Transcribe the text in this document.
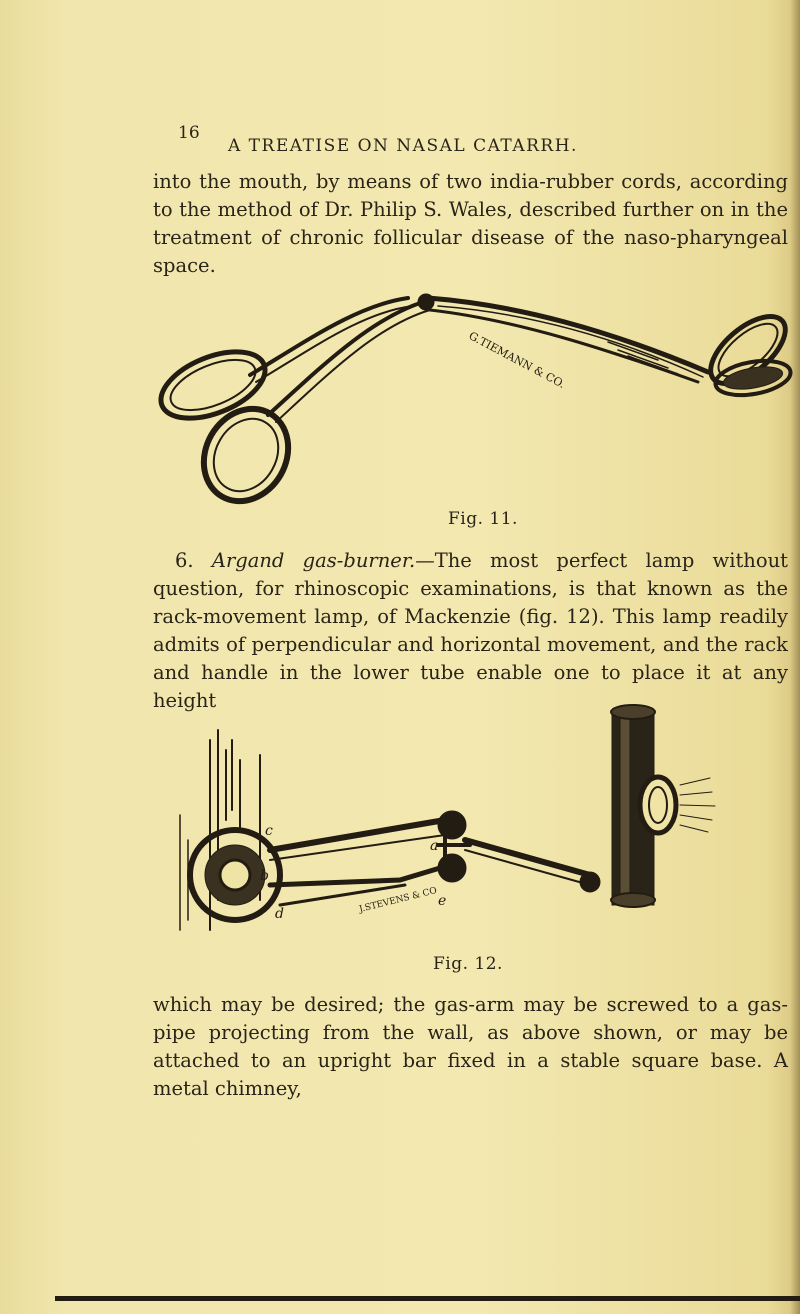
16
A TREATISE ON NASAL CATARRH.

into the mouth, by means of two india-rubber cords, according to the method of Dr. Philip S. Wales, described further on in the treatment of chronic follicular disease of the naso-pharyngeal space.

G.TIEMANN & CO.
Fig. 11.

6. Argand gas-burner.—The most perfect lamp without question, for rhinoscopic examinations, is that known as the rack-movement lamp, of Mackenzie (fig. 12). This lamp readily admits of perpendicular and horizontal movement, and the rack and handle in the lower tube enable one to place it at any height

J.STEVENS & CO
c
a
b
d
e
Fig. 12.

which may be desired; the gas-arm may be screwed to a gas-pipe projecting from the wall, as above shown, or may be attached to an upright bar fixed in a stable square base. A metal chimney,
